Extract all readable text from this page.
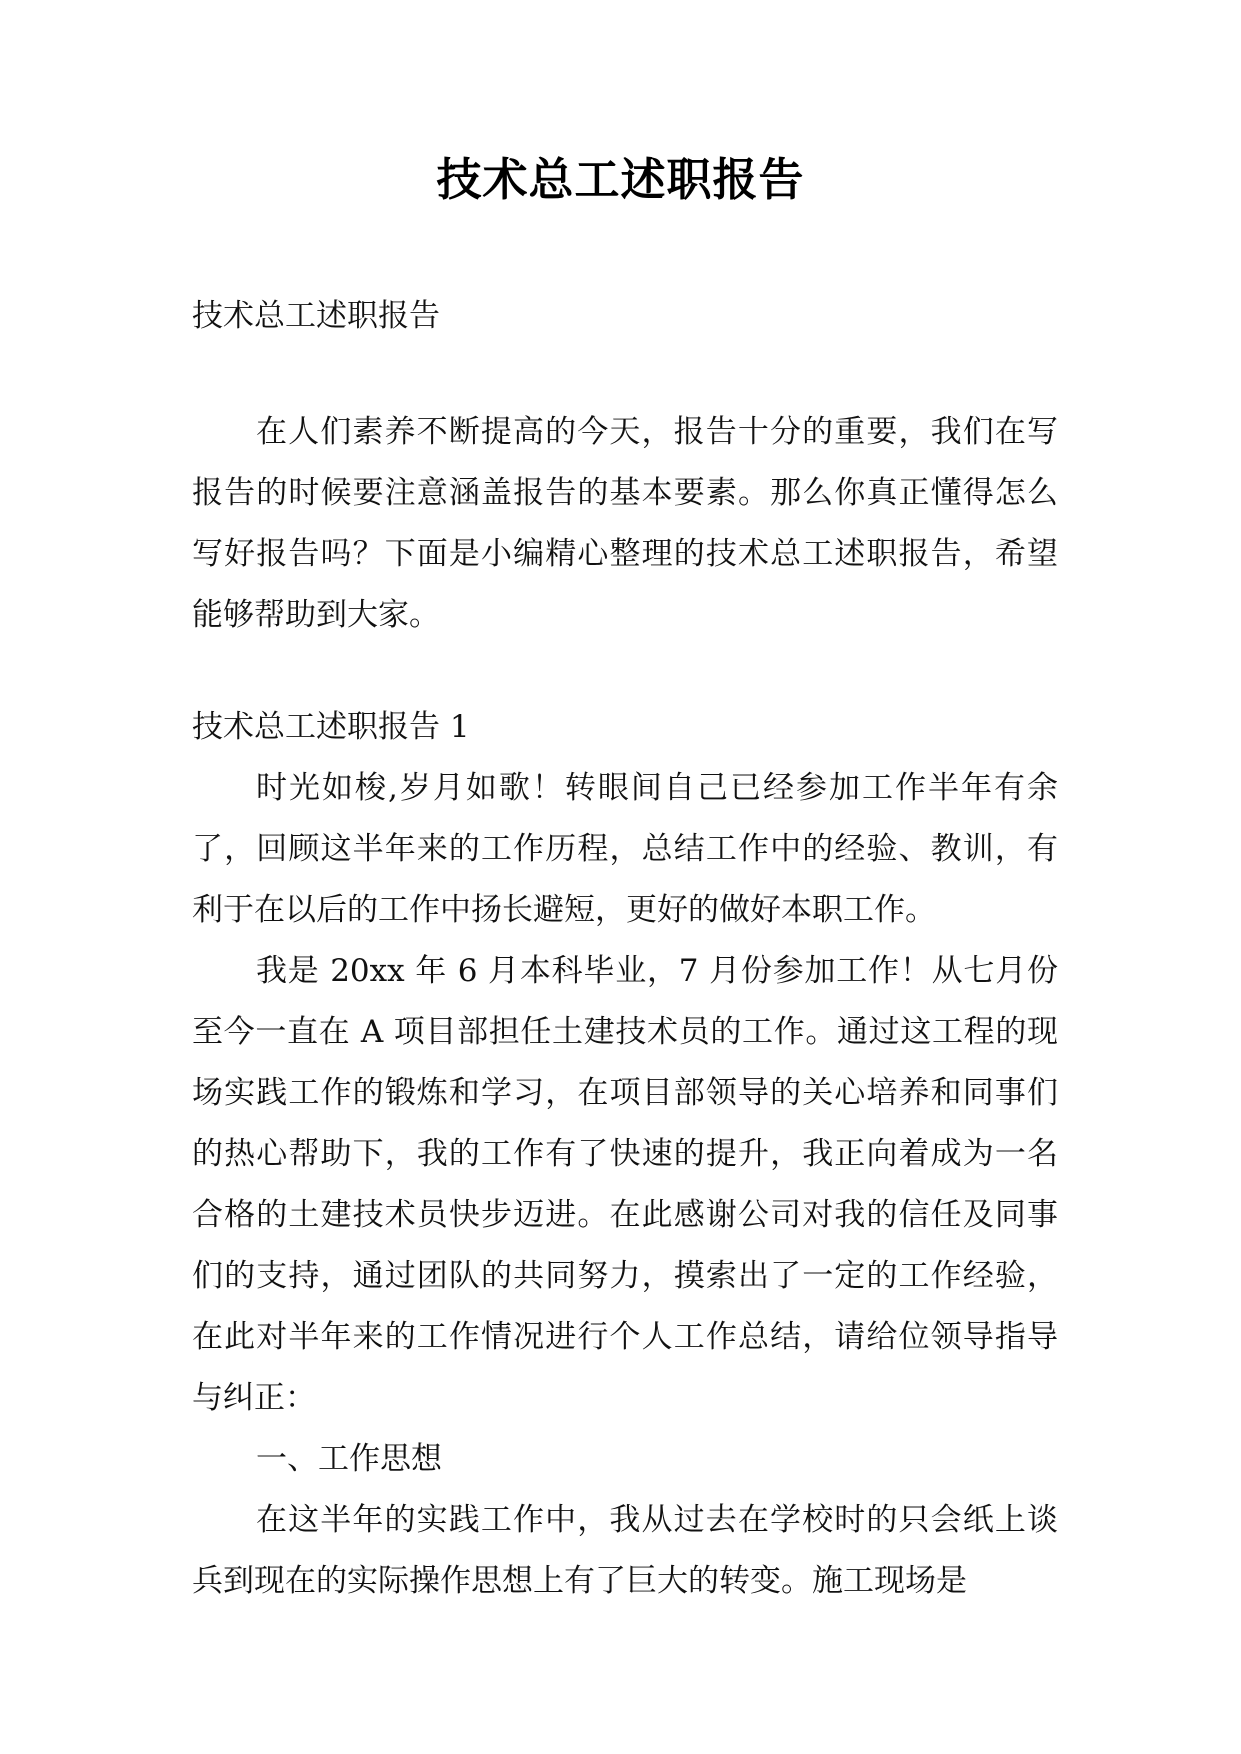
技术总工述职报告

技术总工述职报告

在人们素养不断提高的今天，报告十分的重要，我们在写报告的时候要注意涵盖报告的基本要素。那么你真正懂得怎么写好报告吗？下面是小编精心整理的技术总工述职报告，希望能够帮助到大家。

技术总工述职报告 1

时光如梭,岁月如歌！转眼间自己已经参加工作半年有余了，回顾这半年来的工作历程，总结工作中的经验、教训，有利于在以后的工作中扬长避短，更好的做好本职工作。

我是 20xx 年 6 月本科毕业，7 月份参加工作！从七月份至今一直在 A 项目部担任土建技术员的工作。通过这工程的现场实践工作的锻炼和学习，在项目部领导的关心培养和同事们的热心帮助下，我的工作有了快速的提升，我正向着成为一名合格的土建技术员快步迈进。在此感谢公司对我的信任及同事们的支持，通过团队的共同努力，摸索出了一定的工作经验，在此对半年来的工作情况进行个人工作总结，请给位领导指导与纠正：

一、工作思想

在这半年的实践工作中，我从过去在学校时的只会纸上谈兵到现在的实际操作思想上有了巨大的转变。施工现场是
